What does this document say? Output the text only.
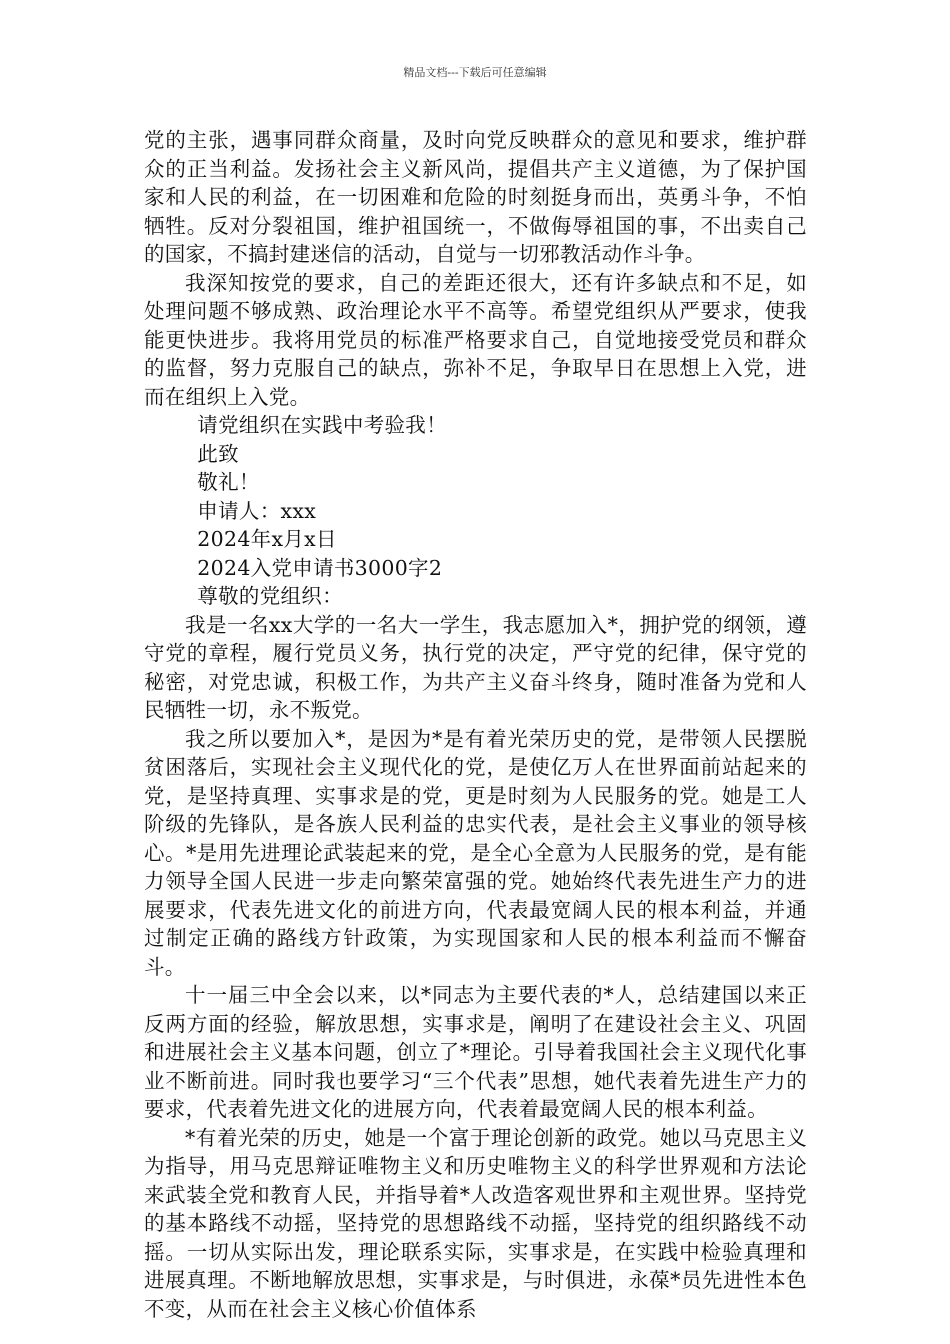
精品文档---下载后可任意编辑

党的主张，遇事同群众商量，及时向党反映群众的意见和要求，维护群众的正当利益。发扬社会主义新风尚，提倡共产主义道德，为了保护国家和人民的利益，在一切困难和危险的时刻挺身而出，英勇斗争，不怕牺牲。反对分裂祖国，维护祖国统一，不做侮辱祖国的事，不出卖自己的国家，不搞封建迷信的活动，自觉与一切邪教活动作斗争。

我深知按党的要求，自己的差距还很大，还有许多缺点和不足，如处理问题不够成熟、政治理论水平不高等。希望党组织从严要求，使我能更快进步。我将用党员的标准严格要求自己，自觉地接受党员和群众的监督，努力克服自己的缺点，弥补不足，争取早日在思想上入党，进而在组织上入党。

请党组织在实践中考验我！

此致

敬礼！

申请人：xxx

2024年x月x日

2024入党申请书3000字2

尊敬的党组织：

我是一名xx大学的一名大一学生，我志愿加入*，拥护党的纲领，遵守党的章程，履行党员义务，执行党的决定，严守党的纪律，保守党的秘密，对党忠诚，积极工作，为共产主义奋斗终身，随时准备为党和人民牺牲一切，永不叛党。

我之所以要加入*，是因为*是有着光荣历史的党，是带领人民摆脱贫困落后，实现社会主义现代化的党，是使亿万人在世界面前站起来的党，是坚持真理、实事求是的党，更是时刻为人民服务的党。她是工人阶级的先锋队，是各族人民利益的忠实代表，是社会主义事业的领导核心。*是用先进理论武装起来的党，是全心全意为人民服务的党，是有能力领导全国人民进一步走向繁荣富强的党。她始终代表先进生产力的进展要求，代表先进文化的前进方向，代表最宽阔人民的根本利益，并通过制定正确的路线方针政策，为实现国家和人民的根本利益而不懈奋斗。

十一届三中全会以来，以*同志为主要代表的*人，总结建国以来正反两方面的经验，解放思想，实事求是，阐明了在建设社会主义、巩固和进展社会主义基本问题，创立了*理论。引导着我国社会主义现代化事业不断前进。同时我也要学习“三个代表”思想，她代表着先进生产力的要求，代表着先进文化的进展方向，代表着最宽阔人民的根本利益。

*有着光荣的历史，她是一个富于理论创新的政党。她以马克思主义为指导，用马克思辩证唯物主义和历史唯物主义的科学世界观和方法论来武装全党和教育人民，并指导着*人改造客观世界和主观世界。坚持党的基本路线不动摇，坚持党的思想路线不动摇，坚持党的组织路线不动摇。一切从实际出发，理论联系实际，实事求是，在实践中检验真理和进展真理。不断地解放思想，实事求是，与时俱进，永葆*员先进性本色不变，从而在社会主义核心价值体系
